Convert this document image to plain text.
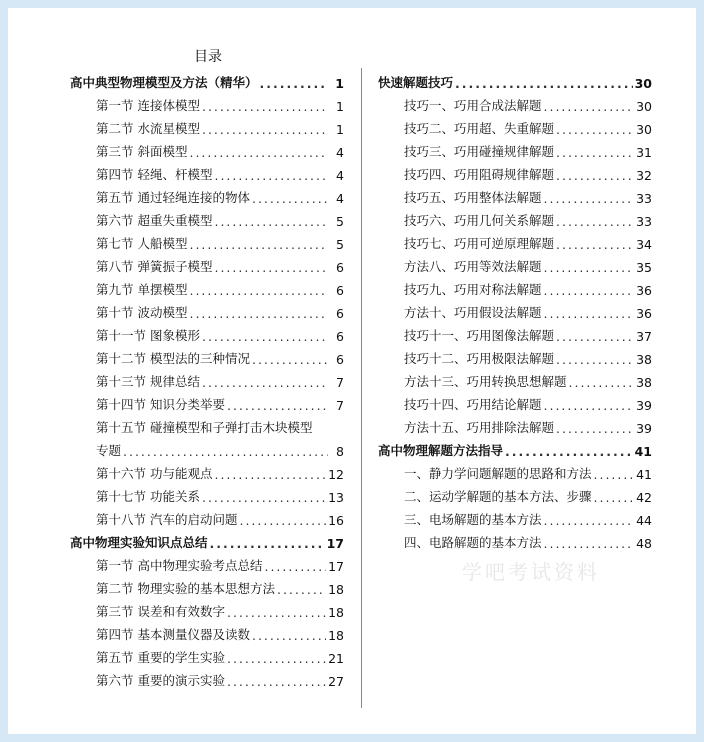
目录
高中典型物理模型及方法（精华） .....	1
第一节 连接体模型 .....	1
第二节 水流星模型 .....	1
第三节 斜面模型 .....	4
第四节 轻绳、杆模型 .....	4
第五节 通过轻绳连接的物体 .....	4
第六节 超重失重模型 .....	5
第七节 人船模型 .....	5
第八节 弹簧振子模型 .....	6
第九节 单摆模型 .....	6
第十节 波动模型 .....	6
第十一节 图象模形 .....	6
第十二节 模型法的三种情况 .....	6
第十三节 规律总结 .....	7
第十四节 知识分类举要 .....	7
第十五节 碰撞模型和子弹打击木块模型
专题 .....	8
第十六节 功与能观点 .....	12
第十七节 功能关系 .....	13
第十八节 汽车的启动问题 .....	16
高中物理实验知识点总结 .....	17
第一节 高中物理实验考点总结 .....	17
第二节 物理实验的基本思想方法 .....	18
第三节 误差和有效数字 .....	18
第四节 基本测量仪器及读数 .....	18
第五节 重要的学生实验 .....	21
第六节 重要的演示实验 .....	27
快速解题技巧 .....	30
技巧一、巧用合成法解题 .....	30
技巧二、巧用超、失重解题 .....	30
技巧三、巧用碰撞规律解题 .....	31
技巧四、巧用阻碍规律解题 .....	32
技巧五、巧用整体法解题 .....	33
技巧六、巧用几何关系解题 .....	33
技巧七、巧用可逆原理解题 .....	34
方法八、巧用等效法解题 .....	35
技巧九、巧用对称法解题 .....	36
方法十、巧用假设法解题 .....	36
技巧十一、巧用图像法解题 .....	37
技巧十二、巧用极限法解题 .....	38
方法十三、巧用转换思想解题 .....	38
技巧十四、巧用结论解题 .....	39
方法十五、巧用排除法解题 .....	39
高中物理解题方法指导 .....	41
一、静力学问题解题的思路和方法 .....	41
二、运动学解题的基本方法、步骤 .....	42
三、电场解题的基本方法 .....	44
四、电路解题的基本方法 .....	48
学吧考试资料
